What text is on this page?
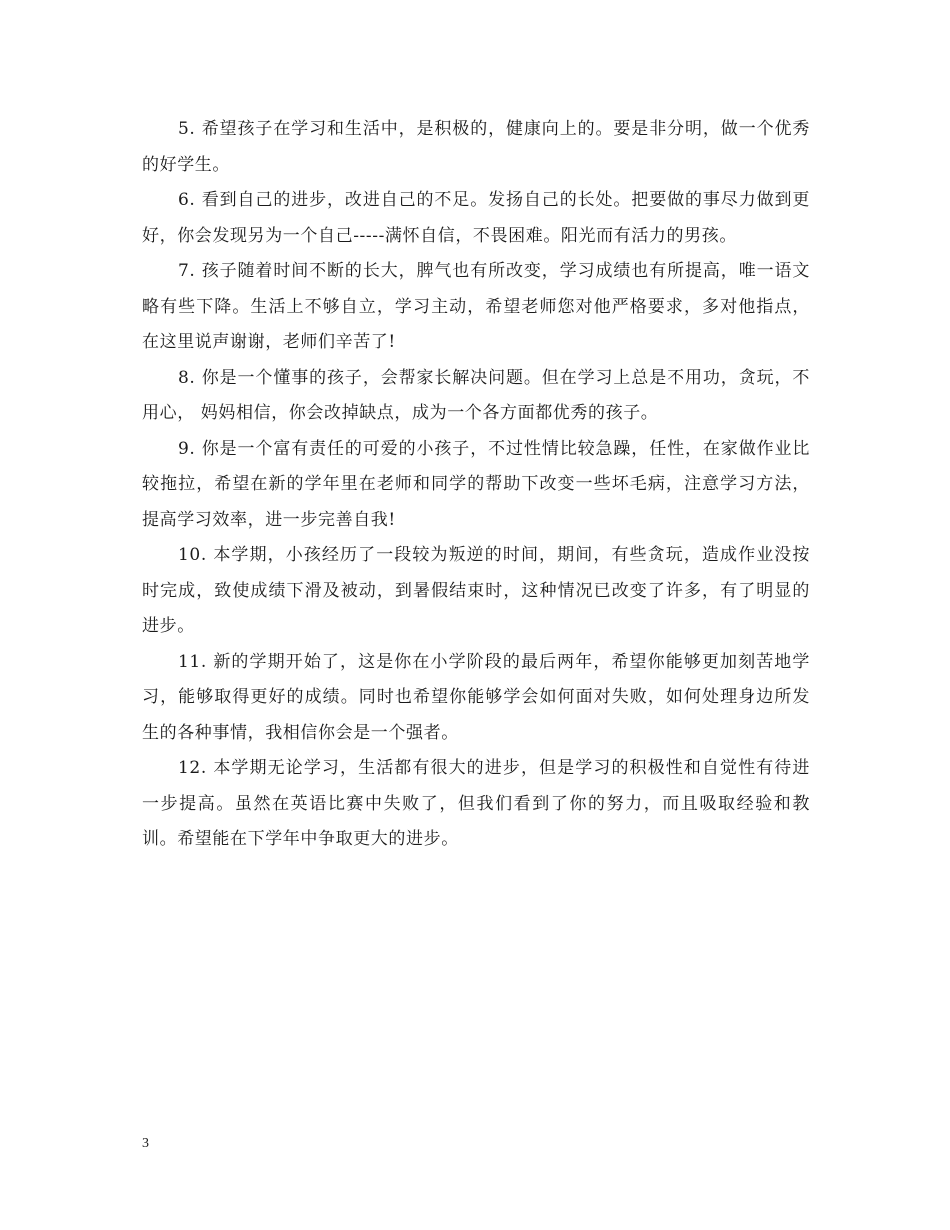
5. 希望孩子在学习和生活中，是积极的，健康向上的。要是非分明，做一个优秀的好学生。

6. 看到自己的进步，改进自己的不足。发扬自己的长处。把要做的事尽力做到更好，你会发现另为一个自己-----满怀自信，不畏困难。阳光而有活力的男孩。

7. 孩子随着时间不断的长大，脾气也有所改变，学习成绩也有所提高，唯一语文略有些下降。生活上不够自立，学习主动，希望老师您对他严格要求，多对他指点，在这里说声谢谢，老师们辛苦了!

8. 你是一个懂事的孩子，会帮家长解决问题。但在学习上总是不用功，贪玩，不用心， 妈妈相信，你会改掉缺点，成为一个各方面都优秀的孩子。

9. 你是一个富有责任的可爱的小孩子，不过性情比较急躁，任性，在家做作业比较拖拉，希望在新的学年里在老师和同学的帮助下改变一些坏毛病，注意学习方法，提高学习效率，进一步完善自我!

10. 本学期，小孩经历了一段较为叛逆的时间，期间，有些贪玩，造成作业没按时完成，致使成绩下滑及被动，到暑假结束时，这种情况已改变了许多，有了明显的进步。

11. 新的学期开始了，这是你在小学阶段的最后两年，希望你能够更加刻苦地学习，能够取得更好的成绩。同时也希望你能够学会如何面对失败，如何处理身边所发生的各种事情，我相信你会是一个强者。

12. 本学期无论学习，生活都有很大的进步，但是学习的积极性和自觉性有待进一步提高。虽然在英语比赛中失败了，但我们看到了你的努力，而且吸取经验和教训。希望能在下学年中争取更大的进步。

3
